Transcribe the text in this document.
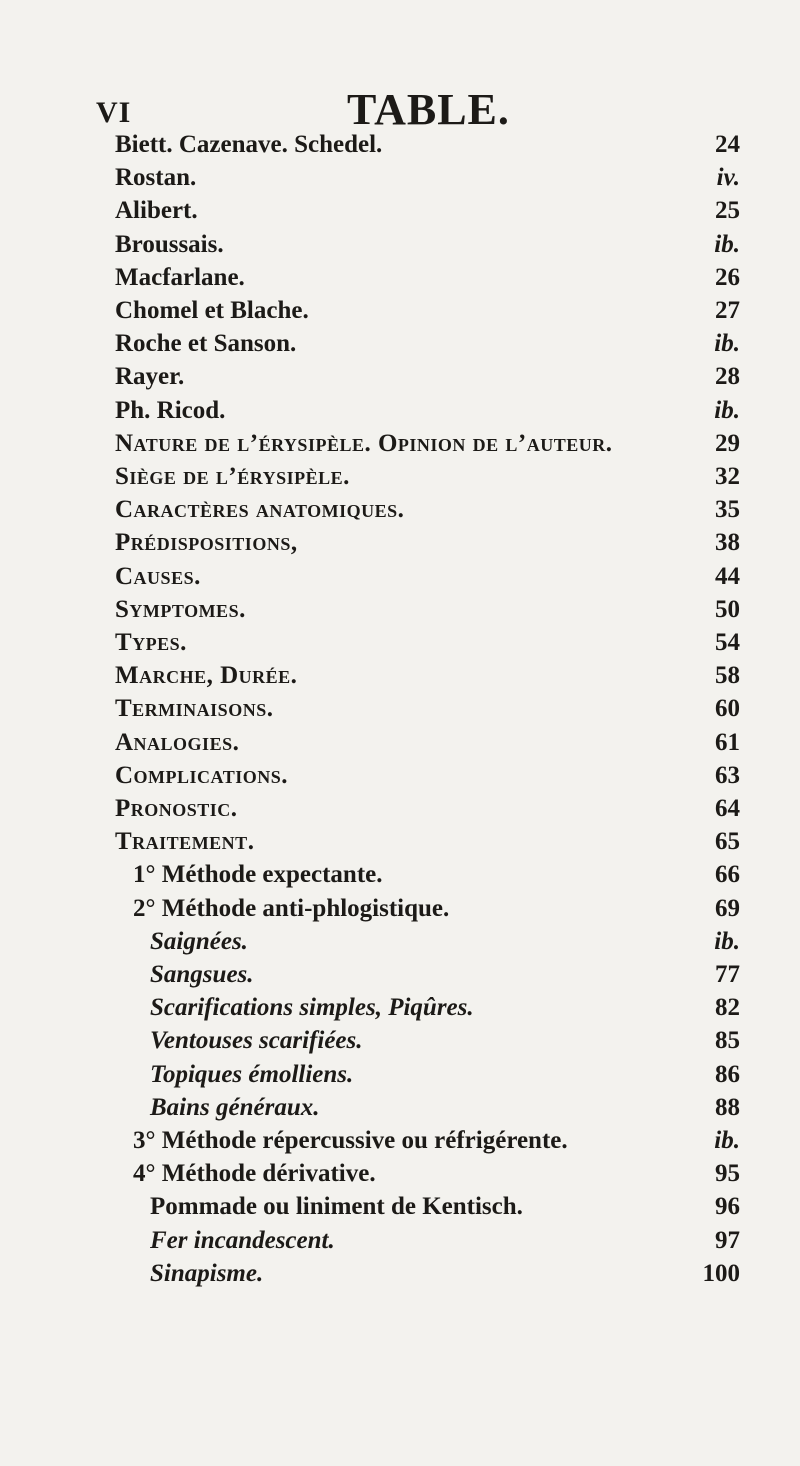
VI	TABLE.
Biett. Cazenave. Schedel.	24
Rostan.	iv.
Alibert.	25
Broussais.	ib.
Macfarlane.	26
Chomel et Blache.	27
Roche et Sanson.	ib.
Rayer.	28
Ph. Ricod.	ib.
Nature de l’érysipèle. Opinion de l’auteur.	29
Siège de l’érysipèle.	32
Caractères anatomiques.	35
Prédispositions,	38
Causes.	44
Symptomes.	50
Types.	54
Marche, Durée.	58
Terminaisons.	60
Analogies.	61
Complications.	63
Pronostic.	64
Traitement.	65
1° Méthode expectante.	66
2° Méthode anti-phlogistique.	69
Saignées.	ib.
Sangsues.	77
Scarifications simples, Piqûres.	82
Ventouses scarifiées.	85
Topiques émolliens.	86
Bains généraux.	88
3° Méthode répercussive ou réfrigérente.	ib.
4° Méthode dérivative.	95
Pommade ou liniment de Kentisch.	96
Fer incandescent.	97
Sinapisme.	100
